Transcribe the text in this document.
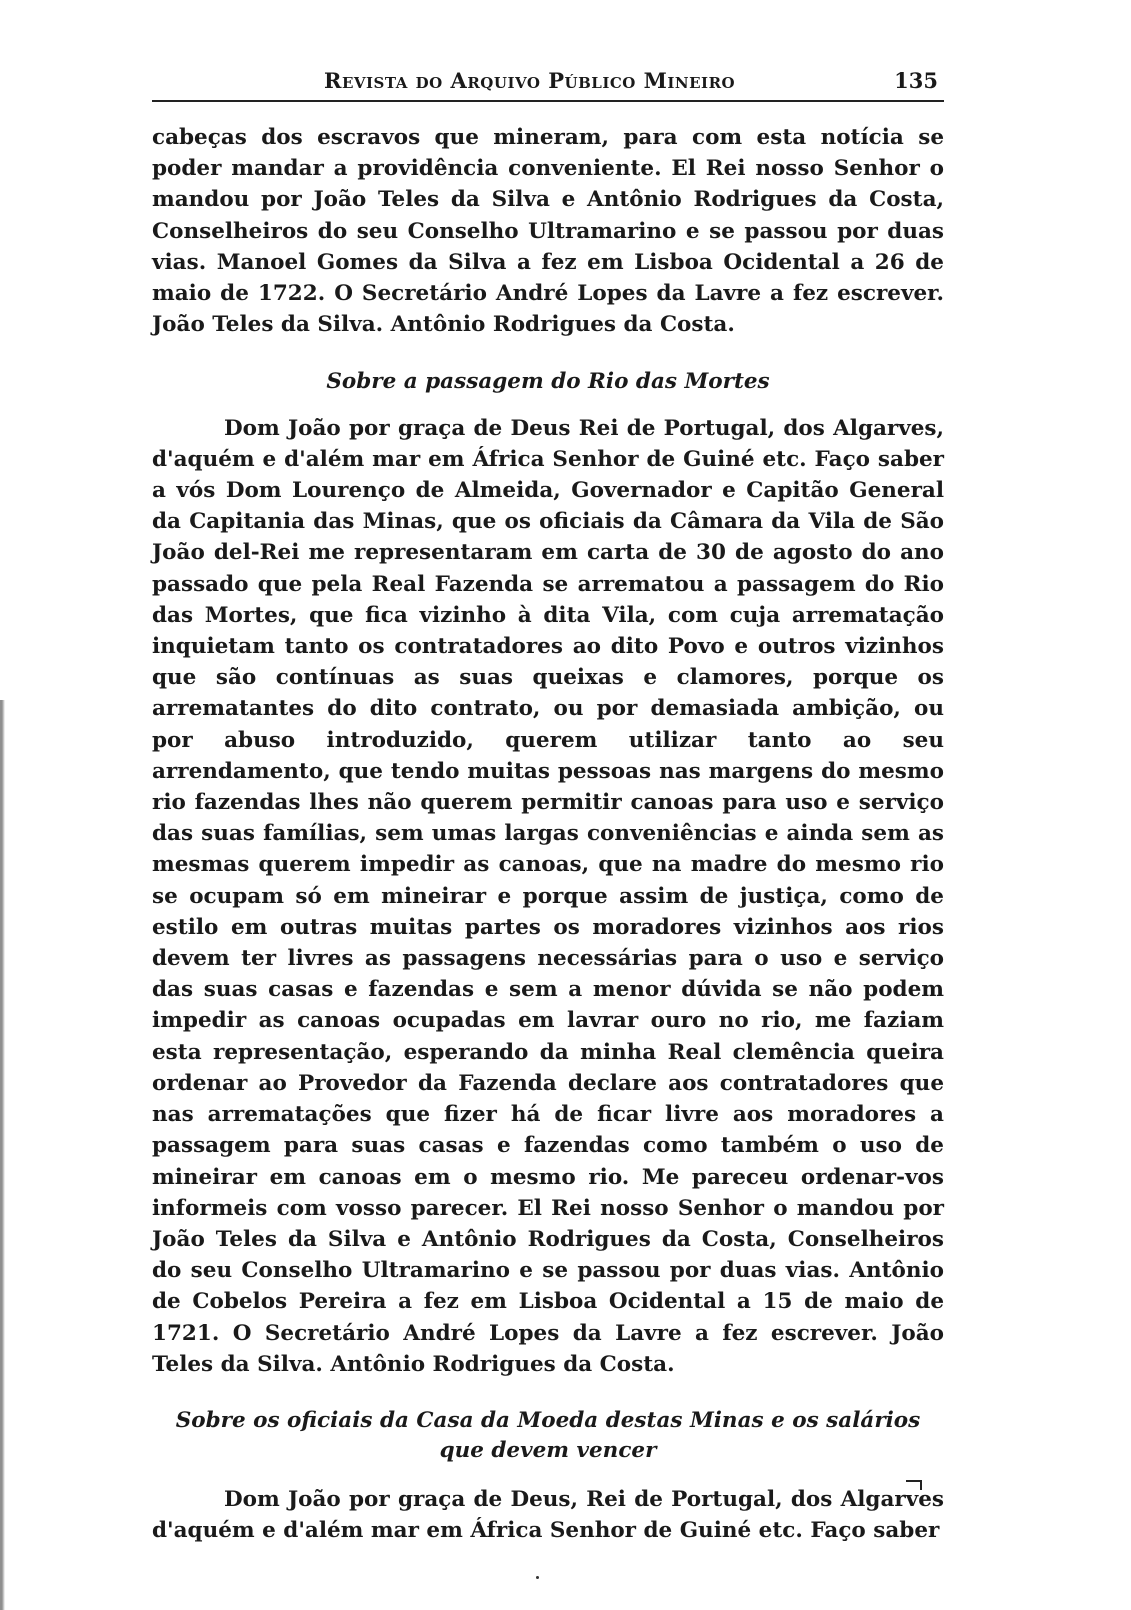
Revista do Arquivo Público Mineiro	135

cabeças dos escravos que mineram, para com esta notícia se poder mandar a providência conveniente. El Rei nosso Senhor o mandou por João Teles da Silva e Antônio Rodrigues da Costa, Conselheiros do seu Conselho Ultramarino e se passou por duas vias. Manoel Gomes da Silva a fez em Lisboa Ocidental a 26 de maio de 1722. O Secretário André Lopes da Lavre a fez escrever. João Teles da Silva. Antônio Rodrigues da Costa.

Sobre a passagem do Rio das Mortes

Dom João por graça de Deus Rei de Portugal, dos Algarves, d'aquém e d'além mar em África Senhor de Guiné etc. Faço saber a vós Dom Lourenço de Almeida, Governador e Capitão General da Capitania das Minas, que os oficiais da Câmara da Vila de São João del-Rei me representaram em carta de 30 de agosto do ano passado que pela Real Fazenda se arrematou a passagem do Rio das Mortes, que fica vizinho à dita Vila, com cuja arrematação inquietam tanto os contratadores ao dito Povo e outros vizinhos que são contínuas as suas queixas e clamores, porque os arrematantes do dito contrato, ou por demasiada ambição, ou por abuso introduzido, querem utilizar tanto ao seu arrendamento, que tendo muitas pessoas nas margens do mesmo rio fazendas lhes não querem permitir canoas para uso e serviço das suas famílias, sem umas largas conveniências e ainda sem as mesmas querem impedir as canoas, que na madre do mesmo rio se ocupam só em mineirar e porque assim de justiça, como de estilo em outras muitas partes os moradores vizinhos aos rios devem ter livres as passagens necessárias para o uso e serviço das suas casas e fazendas e sem a menor dúvida se não podem impedir as canoas ocupadas em lavrar ouro no rio, me faziam esta representação, esperando da minha Real clemência queira ordenar ao Provedor da Fazenda declare aos contratadores que nas arrematações que fizer há de ficar livre aos moradores a passagem para suas casas e fazendas como também o uso de mineirar em canoas em o mesmo rio. Me pareceu ordenar-vos informeis com vosso parecer. El Rei nosso Senhor o mandou por João Teles da Silva e Antônio Rodrigues da Costa, Conselheiros do seu Conselho Ultramarino e se passou por duas vias. Antônio de Cobelos Pereira a fez em Lisboa Ocidental a 15 de maio de 1721. O Secretário André Lopes da Lavre a fez escrever. João Teles da Silva. Antônio Rodrigues da Costa.

Sobre os oficiais da Casa da Moeda destas Minas e os salários que devem vencer

Dom João por graça de Deus, Rei de Portugal, dos Algarves d'aquém e d'além mar em África Senhor de Guiné etc. Faço saber
